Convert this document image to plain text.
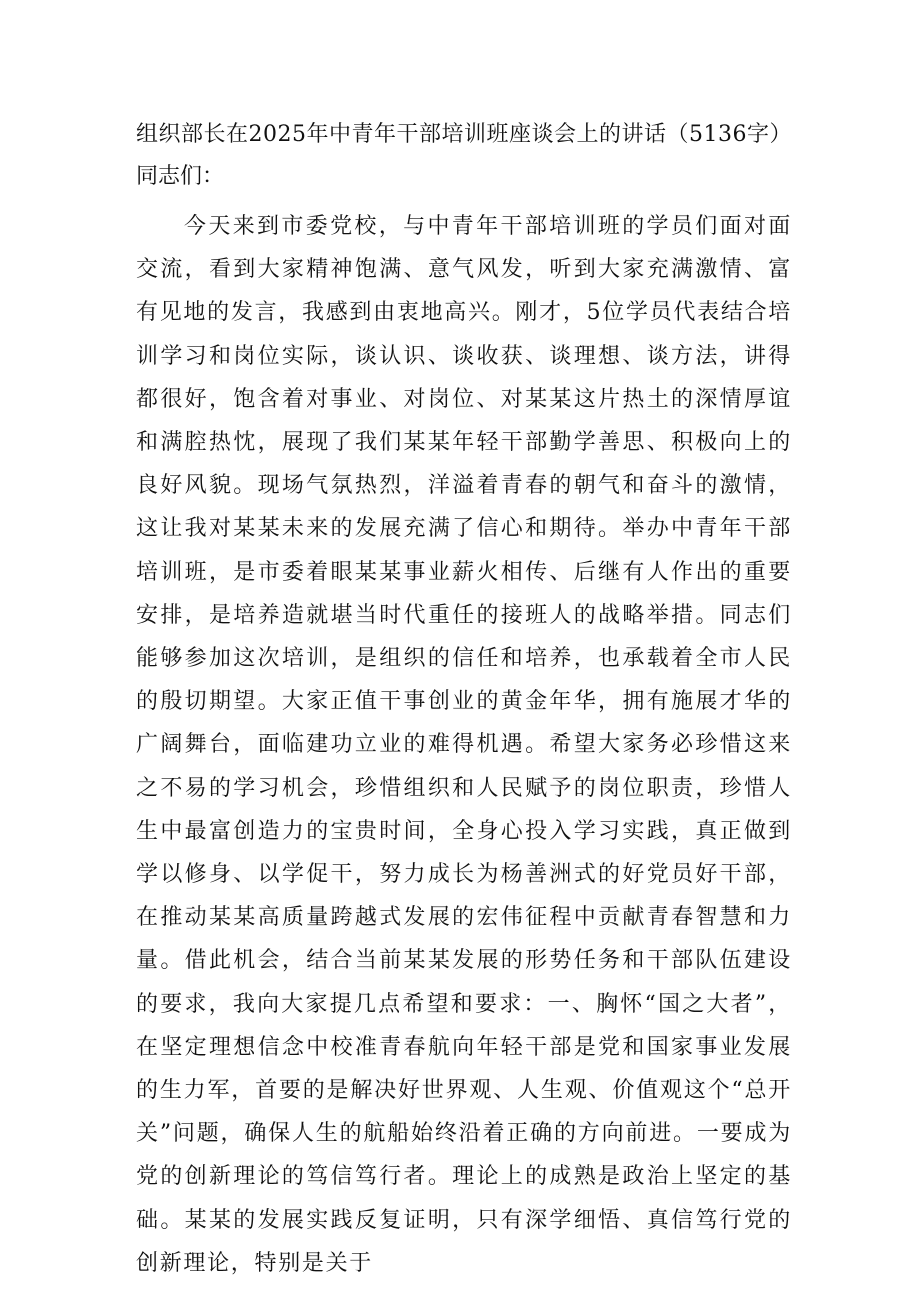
组织部长在2025年中青年干部培训班座谈会上的讲话（5136字）
同志们：
今天来到市委党校，与中青年干部培训班的学员们面对面交流，看到大家精神饱满、意气风发，听到大家充满激情、富有见地的发言，我感到由衷地高兴。刚才，5位学员代表结合培训学习和岗位实际，谈认识、谈收获、谈理想、谈方法，讲得都很好，饱含着对事业、对岗位、对某某这片热土的深情厚谊和满腔热忱，展现了我们某某年轻干部勤学善思、积极向上的良好风貌。现场气氛热烈，洋溢着青春的朝气和奋斗的激情，这让我对某某未来的发展充满了信心和期待。举办中青年干部培训班，是市委着眼某某事业薪火相传、后继有人作出的重要安排，是培养造就堪当时代重任的接班人的战略举措。同志们能够参加这次培训，是组织的信任和培养，也承载着全市人民的殷切期望。大家正值干事创业的黄金年华，拥有施展才华的广阔舞台，面临建功立业的难得机遇。希望大家务必珍惜这来之不易的学习机会，珍惜组织和人民赋予的岗位职责，珍惜人生中最富创造力的宝贵时间，全身心投入学习实践，真正做到学以修身、以学促干，努力成长为杨善洲式的好党员好干部，在推动某某高质量跨越式发展的宏伟征程中贡献青春智慧和力量。借此机会，结合当前某某发展的形势任务和干部队伍建设的要求，我向大家提几点希望和要求：一、胸怀“国之大者”，在坚定理想信念中校准青春航向年轻干部是党和国家事业发展的生力军，首要的是解决好世界观、人生观、价值观这个“总开关”问题，确保人生的航船始终沿着正确的方向前进。一要成为党的创新理论的笃信笃行者。理论上的成熟是政治上坚定的基础。某某的发展实践反复证明，只有深学细悟、真信笃行党的创新理论，特别是关于
